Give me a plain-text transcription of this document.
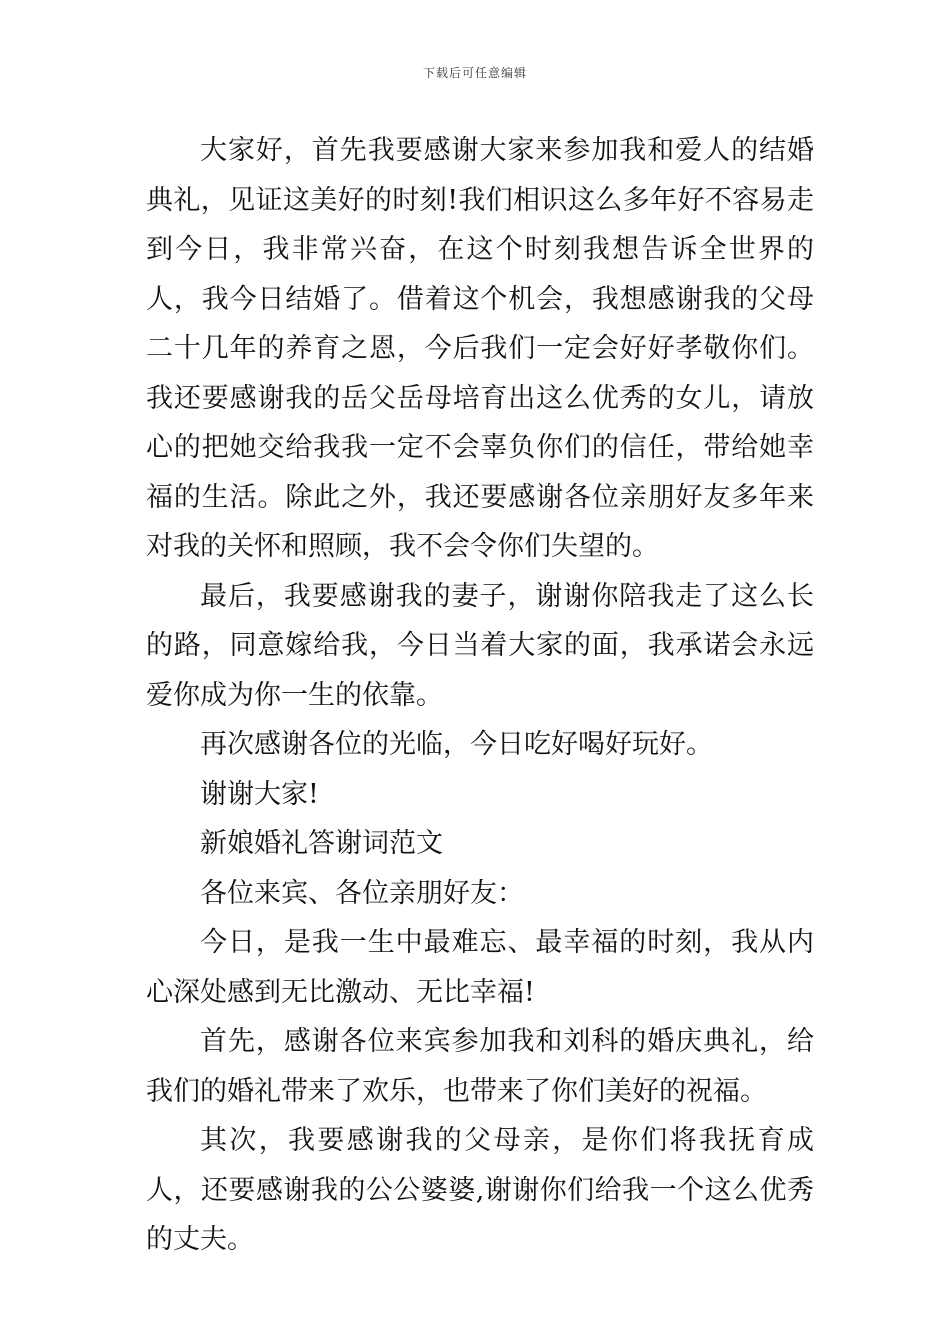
下载后可任意编辑

大家好，首先我要感谢大家来参加我和爱人的结婚典礼，见证这美好的时刻!我们相识这么多年好不容易走到今日，我非常兴奋，在这个时刻我想告诉全世界的人，我今日结婚了。借着这个机会，我想感谢我的父母二十几年的养育之恩，今后我们一定会好好孝敬你们。我还要感谢我的岳父岳母培育出这么优秀的女儿，请放心的把她交给我我一定不会辜负你们的信任，带给她幸福的生活。除此之外，我还要感谢各位亲朋好友多年来对我的关怀和照顾，我不会令你们失望的。

最后，我要感谢我的妻子，谢谢你陪我走了这么长的路，同意嫁给我，今日当着大家的面，我承诺会永远爱你成为你一生的依靠。

再次感谢各位的光临，今日吃好喝好玩好。

谢谢大家!

新娘婚礼答谢词范文

各位来宾、各位亲朋好友：

今日，是我一生中最难忘、最幸福的时刻，我从内心深处感到无比激动、无比幸福!

首先，感谢各位来宾参加我和刘科的婚庆典礼，给我们的婚礼带来了欢乐，也带来了你们美好的祝福。

其次，我要感谢我的父母亲，是你们将我抚育成人，还要感谢我的公公婆婆,谢谢你们给我一个这么优秀的丈夫。
